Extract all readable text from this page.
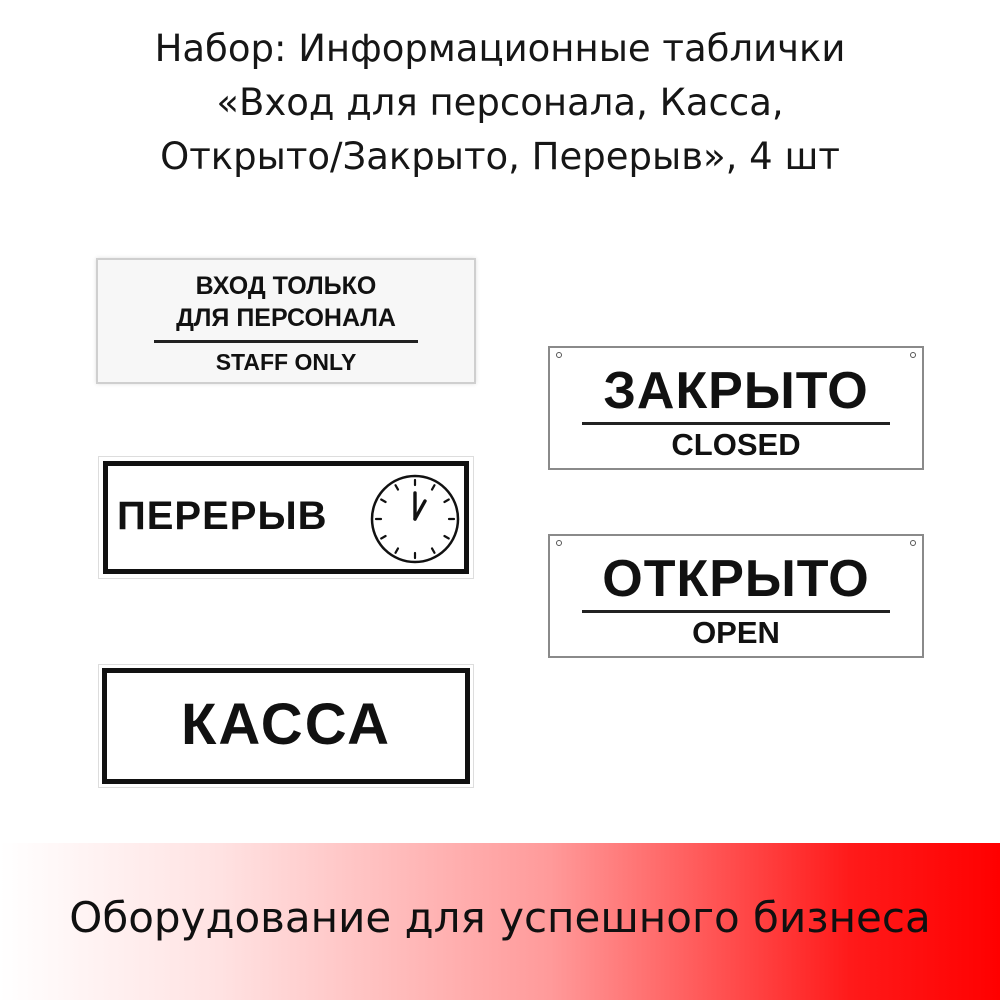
Набор: Информационные таблички
«Вход для персонала, Касса,
Открыто/Закрыто, Перерыв», 4 шт
ВХОД ТОЛЬКО
ДЛЯ ПЕРСОНАЛА
STAFF ONLY
ПЕРЕРЫВ
КАССА
ЗАКРЫТО
CLOSED
ОТКРЫТО
OPEN
Оборудование для успешного бизнеса
